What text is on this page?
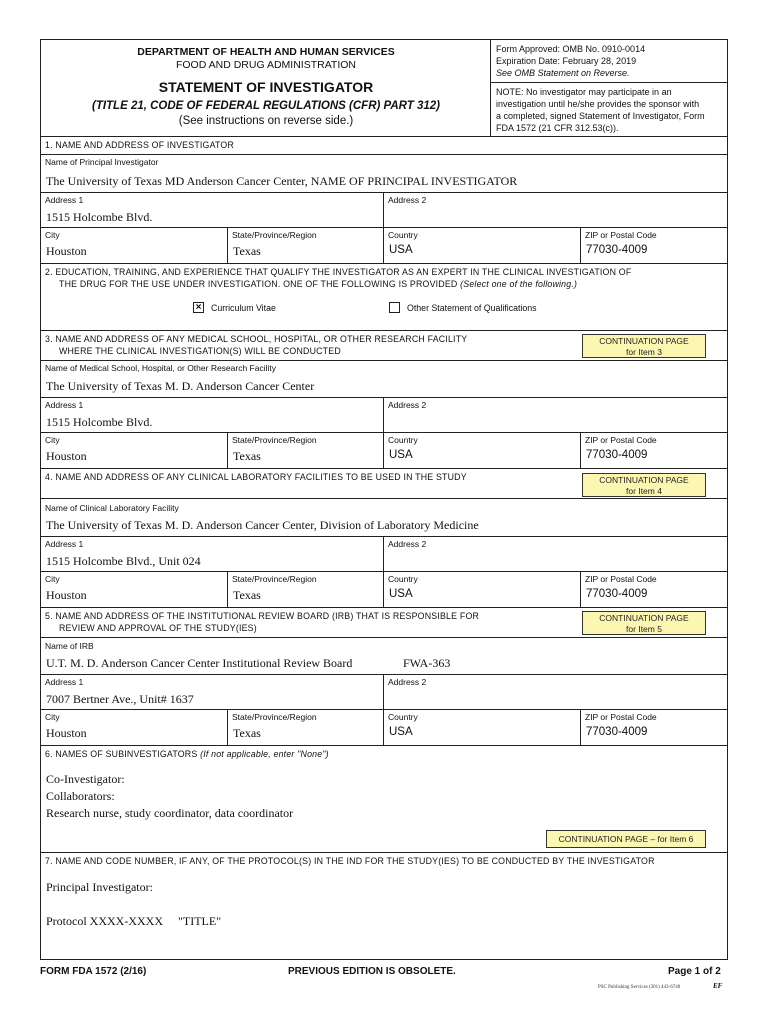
DEPARTMENT OF HEALTH AND HUMAN SERVICES
FOOD AND DRUG ADMINISTRATION
STATEMENT OF INVESTIGATOR
(TITLE 21, CODE OF FEDERAL REGULATIONS (CFR) PART 312)
(See instructions on reverse side.)
Form Approved: OMB No. 0910-0014
Expiration Date: February 28, 2019
See OMB Statement on Reverse.
NOTE: No investigator may participate in an
investigation until he/she provides the sponsor with
a completed, signed Statement of Investigator, Form
FDA 1572 (21 CFR 312.53(c)).
1. NAME AND ADDRESS OF INVESTIGATOR
Name of Principal Investigator
The University of Texas MD Anderson Cancer Center, NAME OF PRINCIPAL INVESTIGATOR
Address 1
1515 Holcombe Blvd.
Address 2
City
Houston
State/Province/Region
Texas
Country
USA
ZIP or Postal Code
77030-4009
2. EDUCATION, TRAINING, AND EXPERIENCE THAT QUALIFY THE INVESTIGATOR AS AN EXPERT IN THE CLINICAL INVESTIGATION OF
THE DRUG FOR THE USE UNDER INVESTIGATION. ONE OF THE FOLLOWING IS PROVIDED (Select one of the following.)
× Curriculum Vitae	Other Statement of Qualifications
3. NAME AND ADDRESS OF ANY MEDICAL SCHOOL, HOSPITAL, OR OTHER RESEARCH FACILITY
WHERE THE CLINICAL INVESTIGATION(S) WILL BE CONDUCTED
CONTINUATION PAGE
for Item 3
Name of Medical School, Hospital, or Other Research Facility
The University of Texas M. D. Anderson Cancer Center
Address 1
1515 Holcombe Blvd.
Address 2
City
Houston
State/Province/Region
Texas
Country
USA
ZIP or Postal Code
77030-4009
4. NAME AND ADDRESS OF ANY CLINICAL LABORATORY FACILITIES TO BE USED IN THE STUDY	CONTINUATION PAGE
for Item 4
Name of Clinical Laboratory Facility
The University of Texas M. D. Anderson Cancer Center, Division of Laboratory Medicine
Address 1
1515 Holcombe Blvd., Unit 024
Address 2
City
Houston
State/Province/Region
Texas
Country
USA
ZIP or Postal Code
77030-4009
5. NAME AND ADDRESS OF THE INSTITUTIONAL REVIEW BOARD (IRB) THAT IS RESPONSIBLE FOR
REVIEW AND APPROVAL OF THE STUDY(IES)
CONTINUATION PAGE
for Item 5
Name of IRB
U.T. M. D. Anderson Cancer Center Institutional Review Board	FWA-363
Address 1
7007 Bertner Ave., Unit# 1637
Address 2
City
Houston
State/Province/Region
Texas
Country
USA
ZIP or Postal Code
77030-4009
6. NAMES OF SUBINVESTIGATORS (If not applicable, enter "None")
Co-Investigator:
Collaborators:
Research nurse, study coordinator, data coordinator
CONTINUATION PAGE – for Item 6
7. NAME AND CODE NUMBER, IF ANY, OF THE PROTOCOL(S) IN THE IND FOR THE STUDY(IES) TO BE CONDUCTED BY THE INVESTIGATOR
Principal Investigator:
Protocol XXXX-XXXX     "TITLE"
FORM FDA 1572 (2/16)	PREVIOUS EDITION IS OBSOLETE.	Page 1 of 2
PSC Publishing Services (301) 443-6740	EF
